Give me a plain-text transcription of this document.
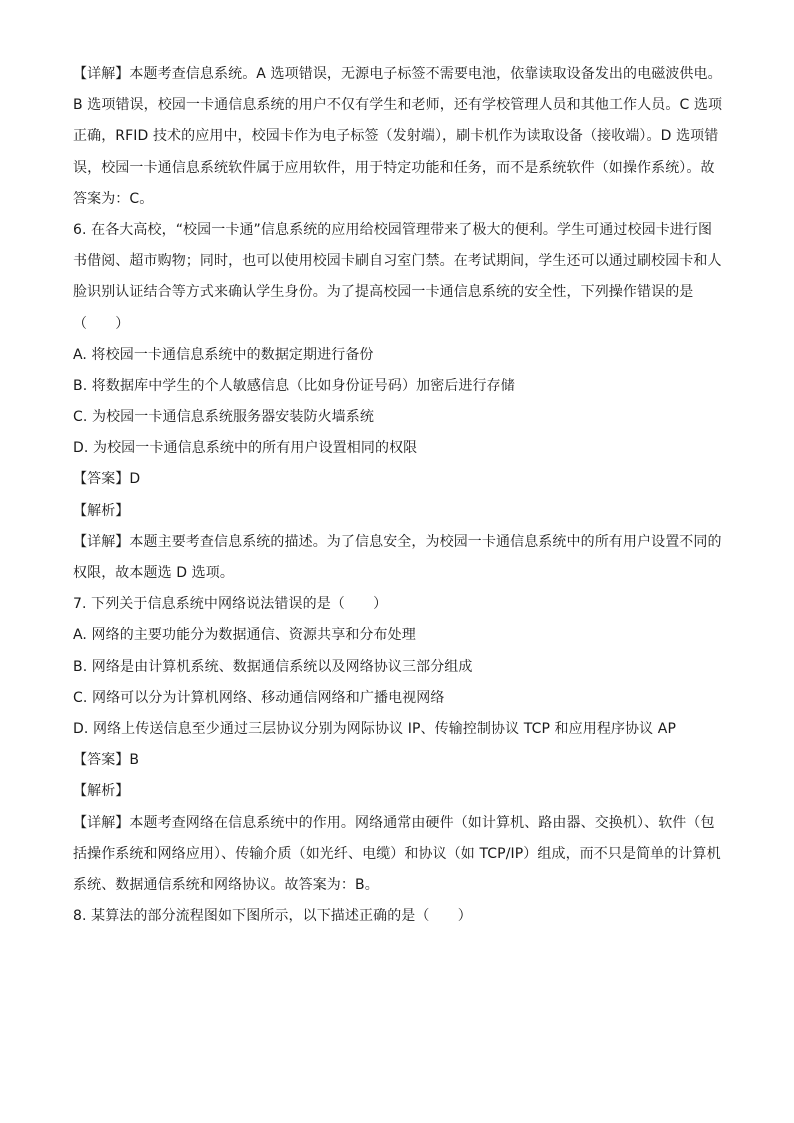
【详解】本题考查信息系统。A 选项错误，无源电子标签不需要电池，依靠读取设备发出的电磁波供电。
B 选项错误，校园一卡通信息系统的用户不仅有学生和老师，还有学校管理人员和其他工作人员。C 选项
正确，RFID 技术的应用中，校园卡作为电子标签（发射端），刷卡机作为读取设备（接收端）。D 选项错
误，校园一卡通信息系统软件属于应用软件，用于特定功能和任务，而不是系统软件（如操作系统）。故
答案为：C。
6. 在各大高校，“校园一卡通”信息系统的应用给校园管理带来了极大的便利。学生可通过校园卡进行图
书借阅、超市购物；同时，也可以使用校园卡刷自习室门禁。在考试期间，学生还可以通过刷校园卡和人
脸识别认证结合等方式来确认学生身份。为了提高校园一卡通信息系统的安全性，下列操作错误的是
（　　）
A. 将校园一卡通信息系统中的数据定期进行备份
B. 将数据库中学生的个人敏感信息（比如身份证号码）加密后进行存储
C. 为校园一卡通信息系统服务器安装防火墙系统
D. 为校园一卡通信息系统中的所有用户设置相同的权限
【答案】D
【解析】
【详解】本题主要考查信息系统的描述。为了信息安全，为校园一卡通信息系统中的所有用户设置不同的
权限，故本题选 D 选项。
7. 下列关于信息系统中网络说法错误的是（　　）
A. 网络的主要功能分为数据通信、资源共享和分布处理
B. 网络是由计算机系统、数据通信系统以及网络协议三部分组成
C. 网络可以分为计算机网络、移动通信网络和广播电视网络
D. 网络上传送信息至少通过三层协议分别为网际协议 IP、传输控制协议 TCP 和应用程序协议 AP
【答案】B
【解析】
【详解】本题考查网络在信息系统中的作用。网络通常由硬件（如计算机、路由器、交换机）、软件（包
括操作系统和网络应用）、传输介质（如光纤、电缆）和协议（如 TCP/IP）组成，而不只是简单的计算机
系统、数据通信系统和网络协议。故答案为：B。
8. 某算法的部分流程图如下图所示，以下描述正确的是（　　）
